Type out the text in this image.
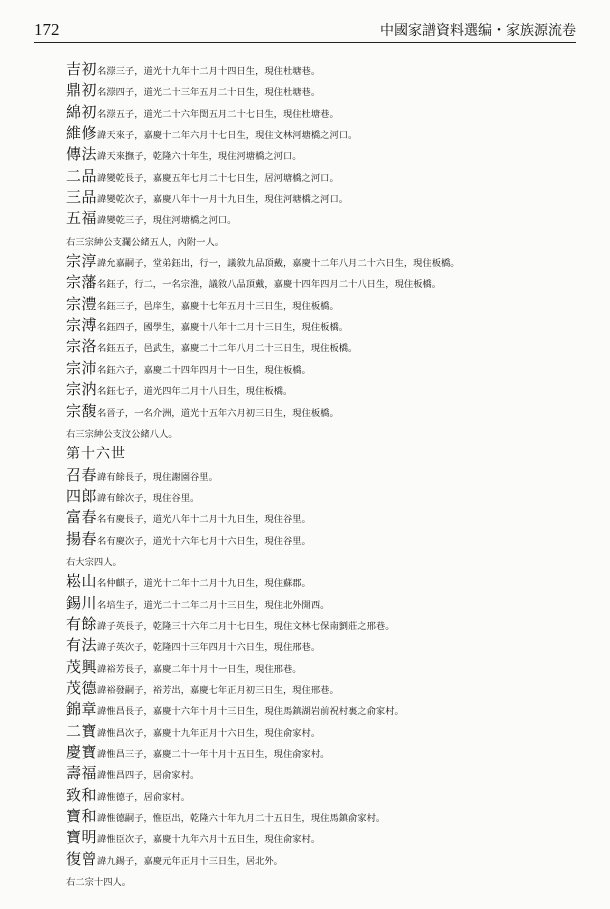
172	中國家譜資料選编・家族源流卷
吉初名漴三子，道光十九年十二月十四日生，現住杜塘巷。
鼎初名漴四子，道光二十三年五月二十日生，現住杜塘巷。
綿初名漴五子，道光二十六年閏五月二十七日生，現住杜塘巷。
維修諱天來子，嘉慶十二年六月十七日生，現住文林河塘橋之河口。
傳法諱天來撫子，乾隆六十年生，現住河塘橋之河口。
二品諱變乾長子，嘉慶五年七月二十七日生，居河塘橋之河口。
三品諱變乾次子，嘉慶八年十一月十九日生，現住河塘橋之河口。
五福諱變乾三子，現住河塘橋之河口。
右三宗紳公支瀾公緒五人，內附一人。
宗淳諱允嘉嗣子，堂弟鈺出，行一，議敘九品頂戴，嘉慶十二年八月二十六日生，現住板橋。
宗藩名鈺子，行二，一名宗淮，議敘八品頂戴，嘉慶十四年四月二十八日生，現住板橋。
宗澧名鈺三子，邑庠生，嘉慶十七年五月十三日生，現住板橋。
宗溥名鈺四子，國學生，嘉慶十八年十二月十三日生，現住板橋。
宗洛名鈺五子，邑武生，嘉慶二十二年八月二十三日生，現住板橋。
宗沛名鈺六子，嘉慶二十四年四月十一日生，現住板橋。
宗汭名鈺七子，道光四年二月十八日生，現住板橋。
宗馥名晉子，一名介洲，道光十五年六月初三日生，現住板橋。
右三宗紳公支汶公緒八人。
第十六世
召春諱有餘長子，現住謝園谷里。
四郎諱有餘次子，現住谷里。
富春名有慶長子，道光八年十二月十九日生，現住谷里。
揚春名有慶次子，道光十六年七月十六日生，現住谷里。
右大宗四人。
崧山名仲麒子，道光十二年十二月十九日生，現住蘇郡。
錫川名培生子，道光二十二年二月十三日生，現住北外開西。
有餘諱子英長子，乾隆三十六年二月十七日生，現住文林七保南劉莊之邢巷。
有法諱子英次子，乾隆四十三年四月十六日生，現住邢巷。
茂興諱裕芳長子，嘉慶二年十月十一日生，現住邢巷。
茂德諱裕發嗣子，裕芳出，嘉慶七年正月初三日生，現住邢巷。
錦章諱惟昌長子，嘉慶十六年十月十三日生，現住馬鎮湖岩前祝村裏之俞家村。
二寶諱惟昌次子，嘉慶十九年正月十六日生，現住俞家村。
慶寶諱惟昌三子，嘉慶二十一年十月十五日生，現住俞家村。
壽福諱惟昌四子，居俞家村。
致和諱惟德子，居俞家村。
寶和諱惟德嗣子，惟臣出，乾隆六十年九月二十五日生，現住馬鎮俞家村。
寶明諱惟臣次子，嘉慶十九年六月十五日生，現住俞家村。
復曾諱九錫子，嘉慶元年正月十三日生，居北外。
右二宗十四人。
